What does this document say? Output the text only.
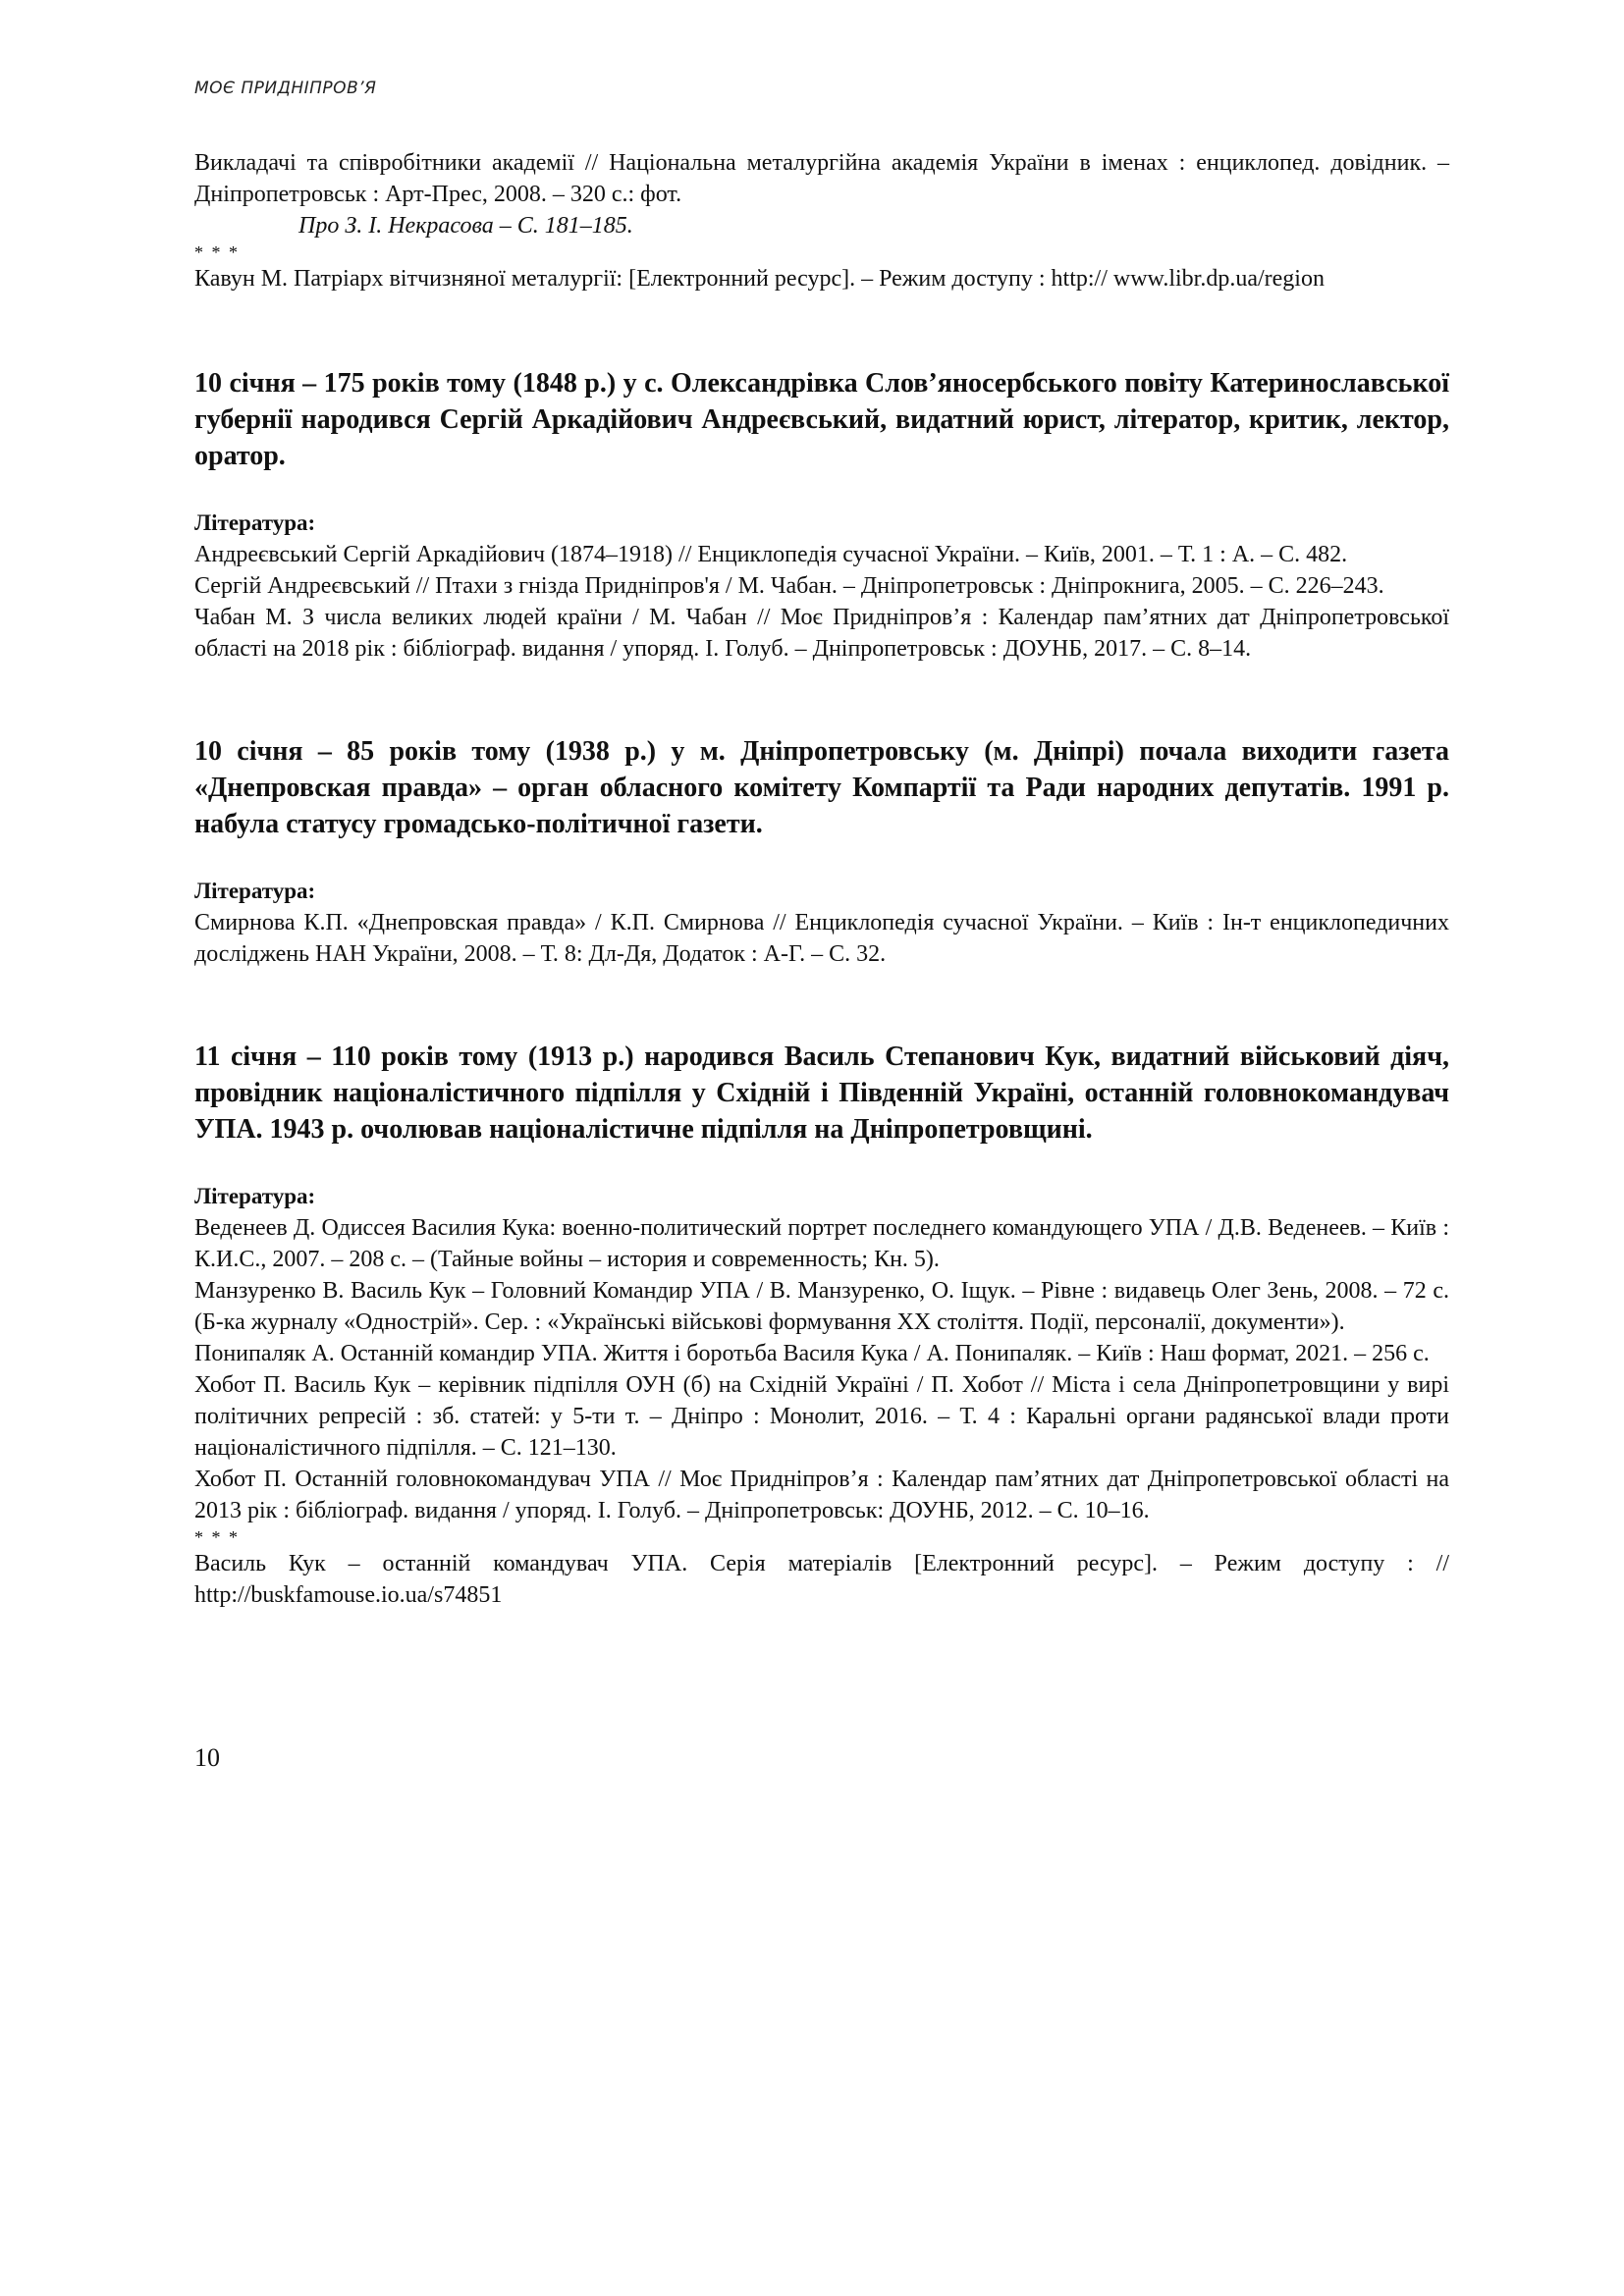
МОЄ ПРИДНІПРОВ’Я

Викладачі та співробітники академії // Національна металургійна академія України в іменах : енциклопед. довідник. – Дніпропетровськ : Арт-Прес, 2008. – 320 с.: фот.

Про З. І. Некрасова – С. 181–185.

* * *

Кавун М. Патріарх вітчизняної металургії: [Електронний ресурс]. – Режим доступу : http:// www.libr.dp.ua/region

10 січня – 175 років тому (1848 р.) у с. Олександрівка Слов’яносербського повіту Катеринославської губернії народився Сергій Аркадійович Андреєвський, видатний юрист, літератор, критик, лектор, оратор.

Література:

Андреєвський Сергій Аркадійович (1874–1918) // Енциклопедія сучасної України. – Київ, 2001. – Т. 1 : А. – С. 482.

Сергій Андреєвський // Птахи з гнізда Придніпров'я / М. Чабан. – Дніпропетровськ : Дніпрокнига, 2005. – С. 226–243.

Чабан М. З числа великих людей країни / М. Чабан // Моє Придніпров’я : Календар пам’ятних дат Дніпропетровської області на 2018 рік : бібліограф. видання / упоряд. І. Голуб. – Дніпропетровськ : ДОУНБ, 2017. – С. 8–14.

10 січня – 85 років тому (1938 р.) у м. Дніпропетровську (м. Дніпрі) почала виходити газета «Днепровская правда» – орган обласного комітету Компартії та Ради народних депутатів. 1991 р. набула статусу громадсько-політичної газети.

Література:

Смирнова К.П. «Днепровская правда» / К.П. Смирнова // Енциклопедія сучасної України. – Київ : Ін-т енциклопедичних досліджень НАН України, 2008. – Т. 8: Дл-Дя, Додаток : А-Г. – С. 32.

11 січня – 110 років тому (1913 р.) народився Василь Степанович Кук, видатний військовий діяч, провідник націоналістичного підпілля у Східній і Південній Україні, останній головнокомандувач УПА. 1943 р. очолював націоналістичне підпілля на Дніпропетровщині.

Література:

Веденеев Д. Одиссея Василия Кука: военно-политический портрет последнего командующего УПА / Д.В. Веденеев. – Київ : К.И.С., 2007. – 208 с. – (Тайные войны – история и современность; Кн. 5).

Манзуренко В. Василь Кук – Головний Командир УПА / В. Манзуренко, О. Іщук. – Рівне : видавець Олег Зень, 2008. – 72 с. (Б-ка журналу «Однострій». Сер. : «Українські військові формування ХХ століття. Події, персоналії, документи»).

Понипаляк А. Останній командир УПА. Життя і боротьба Василя Кука / А. Понипаляк. – Київ : Наш формат, 2021. – 256 с.

Хобот П. Василь Кук – керівник підпілля ОУН (б) на Східній Україні / П. Хобот // Міста і села Дніпропетровщини у вирі політичних репресій : зб. статей: у 5-ти т. – Дніпро : Монолит, 2016. – Т. 4 : Каральні органи радянської влади проти націоналістичного підпілля. – С. 121–130.

Хобот П. Останній головнокомандувач УПА // Моє Придніпров’я : Календар пам’ятних дат Дніпропетровської області на 2013 рік : бібліограф. видання / упоряд. І. Голуб. – Дніпропетровськ: ДОУНБ, 2012. – С. 10–16.

* * *

Василь Кук – останній командувач УПА. Серія матеріалів [Електронний ресурс]. – Режим доступу : // http://buskfamouse.io.ua/s74851

10
